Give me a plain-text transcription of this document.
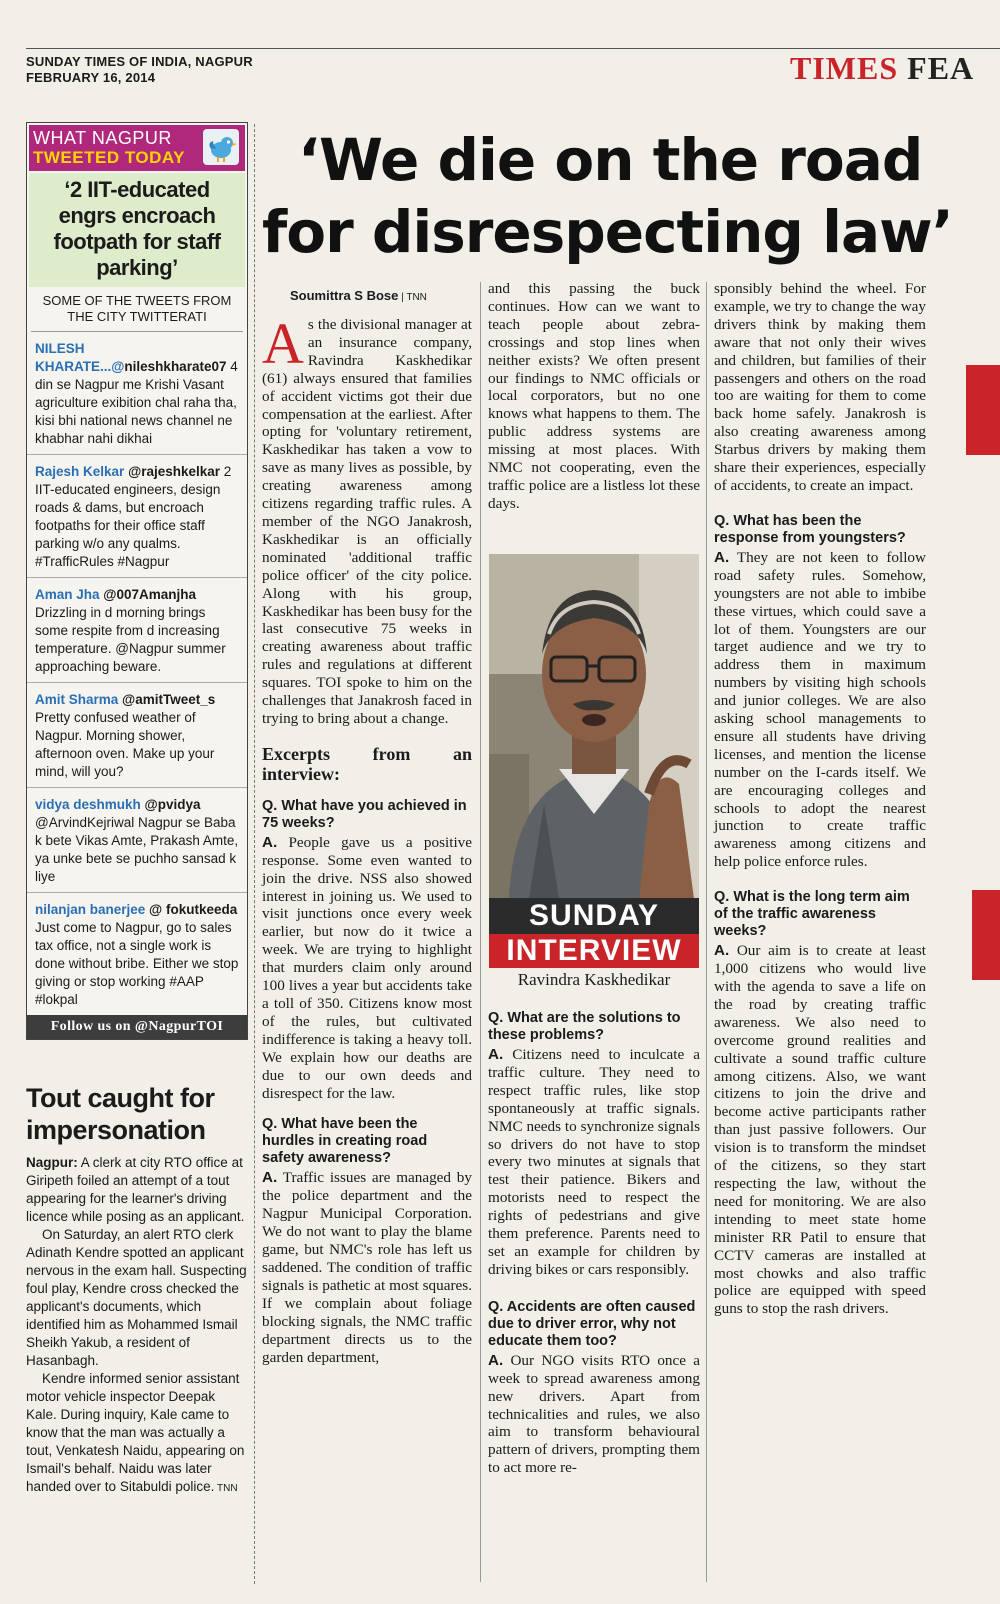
SUNDAY TIMES OF INDIA, NAGPUR
FEBRUARY 16, 2014	TIMES FEA
WHAT NAGPUR
TWEETED TODAY
‘2 IIT-educated engrs encroach footpath for staff parking’
SOME OF THE TWEETS FROM THE CITY TWITTERATI
NILESH KHARATE...@nileshkharate07 4 din se Nagpur me Krishi Vasant agriculture exibition chal raha tha, kisi bhi national news channel ne khabhar nahi dikhai
Rajesh Kelkar @rajeshkelkar 2 IIT-educated engineers, design roads & dams, but encroach footpaths for their office staff parking w/o any qualms. #TrafficRules #Nagpur
Aman Jha @007Amanjha Drizzling in d morning brings some respite from d increasing temperature. @Nagpur summer approaching beware.
Amit Sharma @amitTweet_s Pretty confused weather of Nagpur. Morning shower, afternoon oven. Make up your mind, will you?
vidya deshmukh @pvidya @ArvindKejriwal Nagpur se Baba k bete Vikas Amte, Prakash Amte, ya unke bete se puchho sansad k liye
nilanjan banerjee @ fokutkeeda Just come to Nagpur, go to sales tax office, not a single work is done without bribe. Either we stop giving or stop working #AAP #lokpal
Follow us on @NagpurTOI
Tout caught for impersonation

Nagpur: A clerk at city RTO office at Giripeth foiled an attempt of a tout appearing for the learner's driving licence while posing as an applicant.

On Saturday, an alert RTO clerk Adinath Kendre spotted an applicant nervous in the exam hall. Suspecting foul play, Kendre cross checked the applicant's documents, which identified him as Mohammed Ismail Sheikh Yakub, a resident of Hasanbagh.

Kendre informed senior assistant motor vehicle inspector Deepak Kale. During inquiry, Kale came to know that the man was actually a tout, Venkatesh Naidu, appearing on Ismail's behalf. Naidu was later handed over to Sitabuldi police. TNN

‘We die on the road
for disrespecting law’
Soumittra S Bose | TNN

As the divisional manager at an insurance company, Ravindra Kaskhedikar (61) always ensured that families of accident victims got their due compensation at the earliest. After opting for 'voluntary retirement, Kaskhedikar has taken a vow to save as many lives as possible, by creating awareness among citizens regarding traffic rules. A member of the NGO Janakrosh, Kaskhedikar is an officially nominated 'additional traffic police officer' of the city police. Along with his group, Kaskhedikar has been busy for the last consecutive 75 weeks in creating awareness about traffic rules and regulations at different squares. TOI spoke to him on the challenges that Janakrosh faced in trying to bring about a change.

Excerpts from an interview:
Q. What have you achieved in 75 weeks?

A. People gave us a positive response. Some even wanted to join the drive. NSS also showed interest in joining us. We used to visit junctions once every week earlier, but now do it twice a week. We are trying to highlight that murders claim only around 100 lives a year but accidents take a toll of 350. Citizens know most of the rules, but cultivated indifference is taking a heavy toll. We explain how our deaths are due to our own deeds and disrespect for the law.

Q. What have been the hurdles in creating road safety awareness?

A. Traffic issues are managed by the police department and the Nagpur Municipal Corporation. We do not want to play the blame game, but NMC's role has left us saddened. The condition of traffic signals is pathetic at most squares. If we complain about foliage blocking signals, the NMC traffic department directs us to the garden department,

and this passing the buck continues. How can we want to teach people about zebra-crossings and stop lines when neither exists? We often present our findings to NMC officials or local corporators, but no one knows what happens to them. The public address systems are missing at most places. With NMC not cooperating, even the traffic police are a listless lot these days.

SUNDAY
INTERVIEW
Ravindra Kaskhedikar
Q. What are the solutions to these problems?

A. Citizens need to inculcate a traffic culture. They need to respect traffic rules, like stop spontaneously at traffic signals. NMC needs to synchronize signals so drivers do not have to stop every two minutes at signals that test their patience. Bikers and motorists need to respect the rights of pedestrians and give them preference. Parents need to set an example for children by driving bikes or cars responsibly.

Q. Accidents are often caused due to driver error, why not educate them too?

A. Our NGO visits RTO once a week to spread awareness among new drivers. Apart from technicalities and rules, we also aim to transform behavioural pattern of drivers, prompting them to act more re-

sponsibly behind the wheel. For example, we try to change the way drivers think by making them aware that not only their wives and children, but families of their passengers and others on the road too are waiting for them to come back home safely. Janakrosh is also creating awareness among Starbus drivers by making them share their experiences, especially of accidents, to create an impact.

Q. What has been the response from youngsters?

A. They are not keen to follow road safety rules. Somehow, youngsters are not able to imbibe these virtues, which could save a lot of them. Youngsters are our target audience and we try to address them in maximum numbers by visiting high schools and junior colleges. We are also asking school managements to ensure all students have driving licenses, and mention the license number on the I-cards itself. We are encouraging colleges and schools to adopt the nearest junction to create traffic awareness among citizens and help police enforce rules.

Q. What is the long term aim of the traffic awareness weeks?

A. Our aim is to create at least 1,000 citizens who would live with the agenda to save a life on the road by creating traffic awareness. We also need to overcome ground realities and cultivate a sound traffic culture among citizens. Also, we want citizens to join the drive and become active participants rather than just passive followers. Our vision is to transform the mindset of the citizens, so they start respecting the law, without the need for monitoring. We are also intending to meet state home minister RR Patil to ensure that CCTV cameras are installed at most chowks and also traffic police are equipped with speed guns to stop the rash drivers.
